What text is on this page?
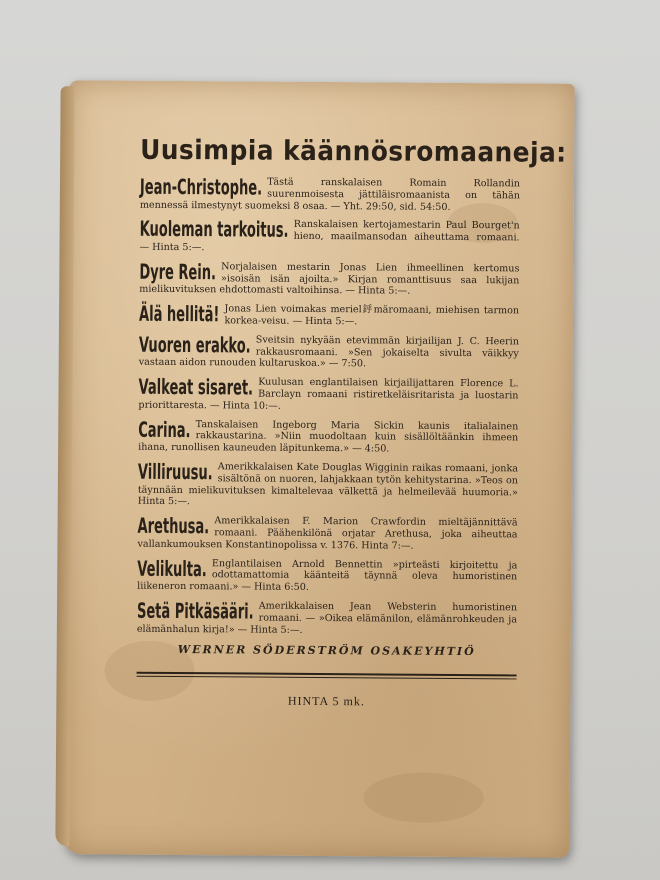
Uusimpia käännösromaaneja:
Jean-Christophe. Tästä ranskalaisen Romain Rollandin suurenmoisesta jättiläisromaanista on tähän mennessä ilmestynyt suomeksi 8 osaa. — Yht. 29:50, sid. 54:50.
Kuoleman tarkoitus. Ranskalaisen kertojamestarin Paul Bourget'n hieno, maailmansodan aiheuttama romaani. — Hinta 5:—.
Dyre Rein. Norjalaisen mestarin Jonas Lien ihmeellinen kertomus »isoisän isän ajoilta.» Kirjan romanttisuus saa lukijan mielikuvituksen ehdottomasti valtoihinsa. — Hinta 5:—.
Älä hellitä! Jonas Lien voimakas meriel䤣märomaani, miehisen tarmon korkea-veisu. — Hinta 5:—.
Vuoren erakko. Sveitsin nykyään etevimmän kirjailijan J. C. Heerin rakkausromaani. »Sen jokaiselta sivulta väikkyy vastaan aidon runouden kultaruskoa.» — 7:50.
Valkeat sisaret. Kuulusan englantilaisen kirjailijattaren Florence L. Barclayn romaani ristiretkeläisritarista ja luostarin priorittaresta. — Hinta 10:—.
Carina. Tanskalaisen Ingeborg Maria Sickin kaunis italialainen rakkaustarina. »Niin muodoltaan kuin sisällöltäänkin ihmeen ihana, runollisen kauneuden läpitunkema.» — 4:50.
Villiruusu. Amerikkalaisen Kate Douglas Wigginin raikas romaani, jonka sisältönä on nuoren, lahjakkaan tytön kehitystarina. »Teos on täynnään mielikuvituksen kimaltelevaa välkettä ja helmeilevää huumoria.» Hinta 5:—.
Arethusa. Amerikkalaisen F. Marion Crawfordin mieltäjännittävä romaani. Päähenkilönä orjatar Arethusa, joka aiheuttaa vallankumouksen Konstantinopolissa v. 1376. Hinta 7:—.
Velikulta. Englantilaisen Arnold Bennettin »pirteästi kirjoitettu ja odottamattomia käänteitä täynnä oleva humoristinen liikeneron romaani.» — Hinta 6:50.
Setä Pitkäsääri. Amerikkalaisen Jean Websterin humoristinen romaani. — »Oikea elämänilon, elämänrohkeuden ja elämänhalun kirja!» — Hinta 5:—.
WERNER SÖDERSTRÖM OSAKEYHTIÖ
HINTA 5 mk.
